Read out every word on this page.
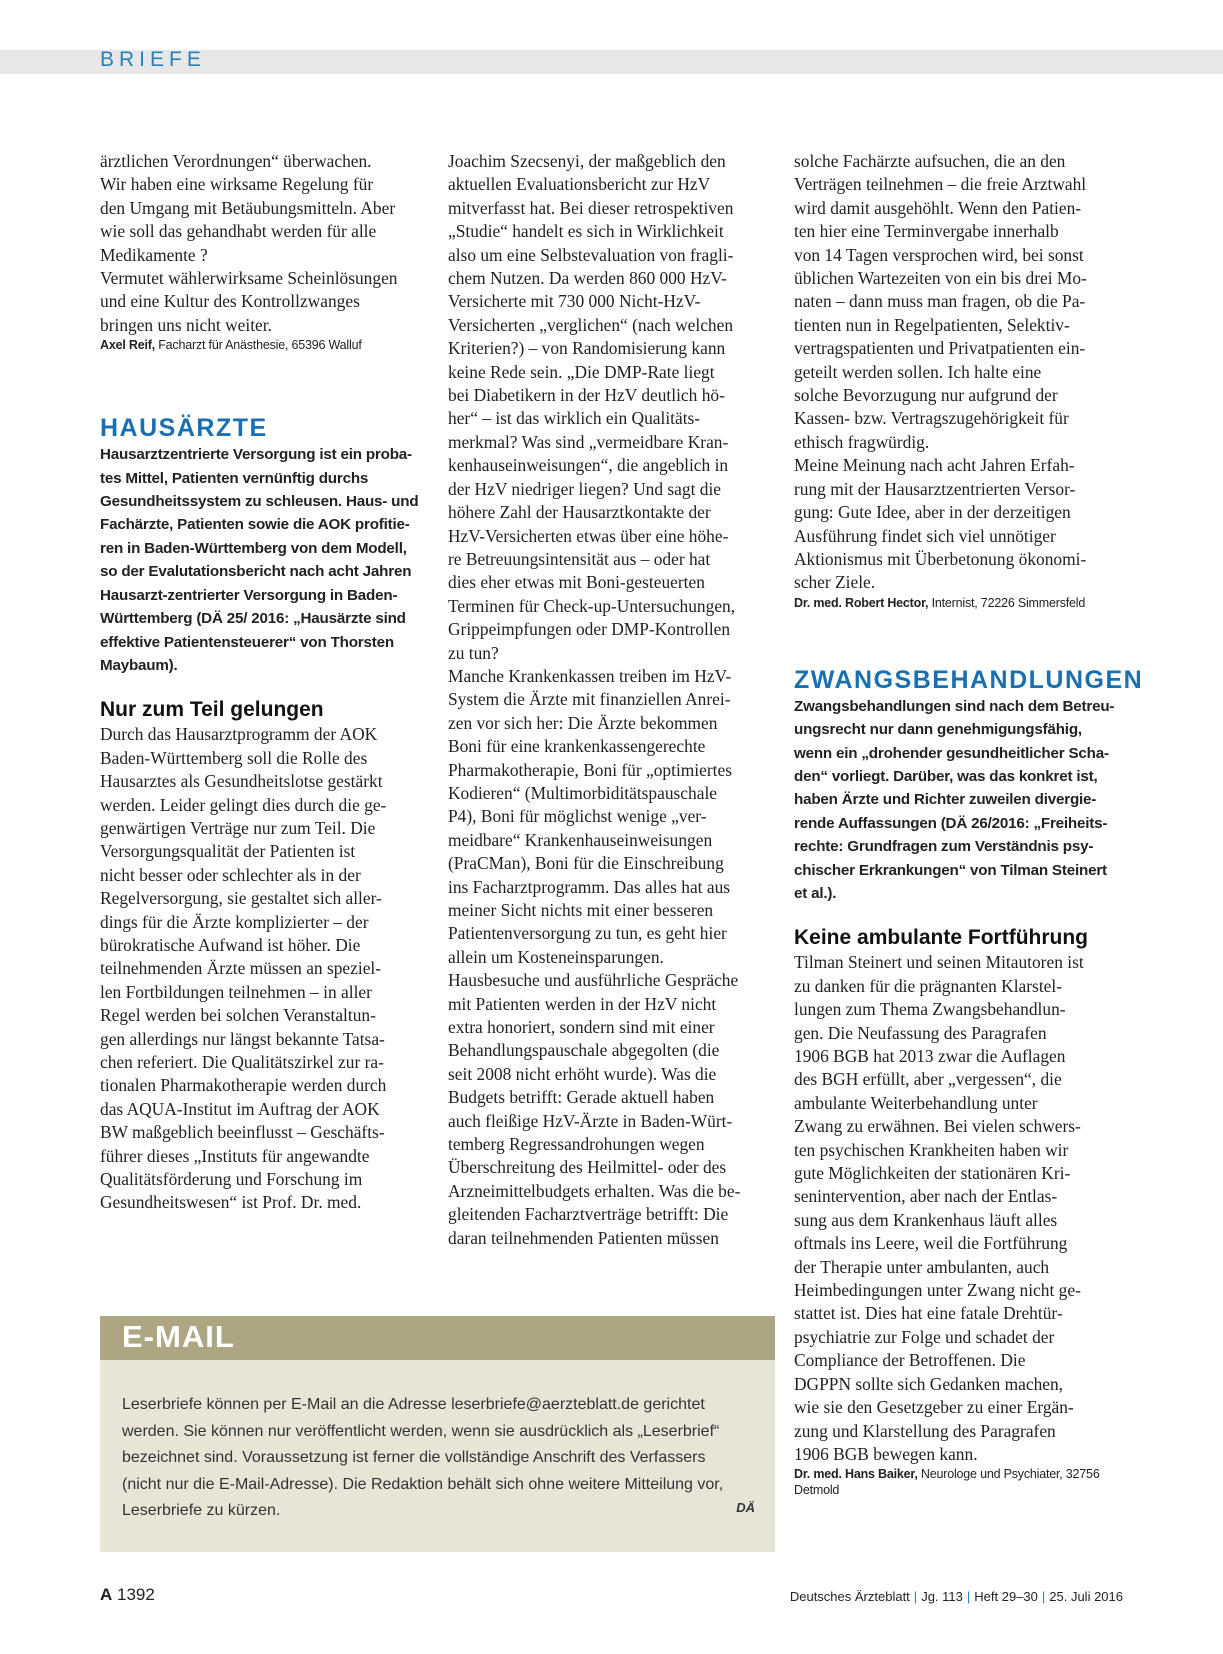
BRIEFE
ärztlichen Verordnungen“ überwachen.
Wir haben eine wirksame Regelung für
den Umgang mit Betäubungsmitteln. Aber
wie soll das gehandhabt werden für alle
Medikamente ?
Vermutet wählerwirksame Scheinlösungen
und eine Kultur des Kontrollzwanges
bringen uns nicht weiter.

Axel Reif, Facharzt für Anästhesie, 65396 Walluf

HAUSÄRZTE
Hausarztzentrierte Versorgung ist ein proba-
tes Mittel, Patienten vernünftig durchs
Gesundheitssystem zu schleusen. Haus- und
Fachärzte, Patienten sowie die AOK profitie-
ren in Baden-Württemberg von dem Modell,
so der Evalutationsbericht nach acht Jahren
Hausarzt-zentrierter Versorgung in Baden-
Württemberg (DÄ 25/ 2016: „Hausärzte sind
effektive Patientensteuerer“ von Thorsten
Maybaum).
Nur zum Teil gelungen
Durch das Hausarztprogramm der AOK
Baden-Württemberg soll die Rolle des
Hausarztes als Gesundheitslotse gestärkt
werden. Leider gelingt dies durch die ge-
genwärtigen Verträge nur zum Teil. Die
Versorgungsqualität der Patienten ist
nicht besser oder schlechter als in der
Regelversorgung, sie gestaltet sich aller-
dings für die Ärzte komplizierter – der
bürokratische Aufwand ist höher. Die
teilnehmenden Ärzte müssen an speziel-
len Fortbildungen teilnehmen – in aller
Regel werden bei solchen Veranstaltun-
gen allerdings nur längst bekannte Tatsa-
chen referiert. Die Qualitätszirkel zur ra-
tionalen Pharmakotherapie werden durch
das AQUA-Institut im Auftrag der AOK
BW maßgeblich beeinflusst – Geschäfts-
führer dieses „Instituts für angewandte
Qualitätsförderung und Forschung im
Gesundheitswesen“ ist Prof. Dr. med.
Joachim Szecsenyi, der maßgeblich den
aktuellen Evaluationsbericht zur HzV
mitverfasst hat. Bei dieser retrospektiven
„Studie“ handelt es sich in Wirklichkeit
also um eine Selbstevaluation von fragli-
chem Nutzen. Da werden 860 000 HzV-
Versicherte mit 730 000 Nicht-HzV-
Versicherten „verglichen“ (nach welchen
Kriterien?) – von Randomisierung kann
keine Rede sein. „Die DMP-Rate liegt
bei Diabetikern in der HzV deutlich hö-
her“ – ist das wirklich ein Qualitäts-
merkmal? Was sind „vermeidbare Kran-
kenhauseinweisungen“, die angeblich in
der HzV niedriger liegen? Und sagt die
höhere Zahl der Hausarztkontakte der
HzV-Versicherten etwas über eine höhe-
re Betreuungsintensität aus – oder hat
dies eher etwas mit Boni-gesteuerten
Terminen für Check-up-Untersuchungen,
Grippeimpfungen oder DMP-Kontrollen
zu tun?
Manche Krankenkassen treiben im HzV-
System die Ärzte mit finanziellen Anrei-
zen vor sich her: Die Ärzte bekommen
Boni für eine krankenkassengerechte
Pharmakotherapie, Boni für „optimiertes
Kodieren“ (Multimorbiditätspauschale
P4), Boni für möglichst wenige „ver-
meidbare“ Krankenhauseinweisungen
(PraCMan), Boni für die Einschreibung
ins Facharztprogramm. Das alles hat aus
meiner Sicht nichts mit einer besseren
Patientenversorgung zu tun, es geht hier
allein um Kosteneinsparungen.
Hausbesuche und ausführliche Gespräche
mit Patienten werden in der HzV nicht
extra honoriert, sondern sind mit einer
Behandlungspauschale abgegolten (die
seit 2008 nicht erhöht wurde). Was die
Budgets betrifft: Gerade aktuell haben
auch fleißige HzV-Ärzte in Baden-Würt-
temberg Regressandrohungen wegen
Überschreitung des Heilmittel- oder des
Arzneimittelbudgets erhalten. Was die be-
gleitenden Facharztverträge betrifft: Die
daran teilnehmenden Patienten müssen
solche Fachärzte aufsuchen, die an den
Verträgen teilnehmen – die freie Arztwahl
wird damit ausgehöhlt. Wenn den Patien-
ten hier eine Terminvergabe innerhalb
von 14 Tagen versprochen wird, bei sonst
üblichen Wartezeiten von ein bis drei Mo-
naten – dann muss man fragen, ob die Pa-
tienten nun in Regelpatienten, Selektiv-
vertragspatienten und Privatpatienten ein-
geteilt werden sollen. Ich halte eine
solche Bevorzugung nur aufgrund der
Kassen- bzw. Vertragszugehörigkeit für
ethisch fragwürdig.
Meine Meinung nach acht Jahren Erfah-
rung mit der Hausarztzentrierten Versor-
gung: Gute Idee, aber in der derzeitigen
Ausführung findet sich viel unnötiger
Aktionismus mit Überbetonung ökonomi-
scher Ziele.

Dr. med. Robert Hector, Internist, 72226 Simmersfeld

ZWANGSBEHANDLUNGEN
Zwangsbehandlungen sind nach dem Betreu-
ungsrecht nur dann genehmigungsfähig,
wenn ein „drohender gesundheitlicher Scha-
den“ vorliegt. Darüber, was das konkret ist,
haben Ärzte und Richter zuweilen divergie-
rende Auffassungen (DÄ 26/2016: „Freiheits-
rechte: Grundfragen zum Verständnis psy-
chischer Erkrankungen“ von Tilman Steinert
et al.).
Keine ambulante Fortführung
Tilman Steinert und seinen Mitautoren ist
zu danken für die prägnanten Klarstel-
lungen zum Thema Zwangsbehandlun-
gen. Die Neufassung des Paragrafen
1906 BGB hat 2013 zwar die Auflagen
des BGH erfüllt, aber „vergessen“, die
ambulante Weiterbehandlung unter
Zwang zu erwähnen. Bei vielen schwers-
ten psychischen Krankheiten haben wir
gute Möglichkeiten der stationären Kri-
senintervention, aber nach der Entlas-
sung aus dem Krankenhaus läuft alles
oftmals ins Leere, weil die Fortführung
der Therapie unter ambulanten, auch
Heimbedingungen unter Zwang nicht ge-
stattet ist. Dies hat eine fatale Drehtür-
psychiatrie zur Folge und schadet der
Compliance der Betroffenen. Die
DGPPN sollte sich Gedanken machen,
wie sie den Gesetzgeber zu einer Ergän-
zung und Klarstellung des Paragrafen
1906 BGB bewegen kann.

Dr. med. Hans Baiker, Neurologe und Psychiater, 32756
Detmold

E-MAIL
Leserbriefe können per E-Mail an die Adresse leserbriefe@aerzteblatt.de gerichtet
werden. Sie können nur veröffentlicht werden, wenn sie ausdrücklich als „Leserbrief“
bezeichnet sind. Voraussetzung ist ferner die vollständige Anschrift des Verfassers
(nicht nur die E-Mail-Adresse). Die Redaktion behält sich ohne weitere Mitteilung vor,
Leserbriefe zu kürzen.	DÄ
A 1392	Deutsches Ärzteblatt | Jg. 113 | Heft 29–30 | 25. Juli 2016
